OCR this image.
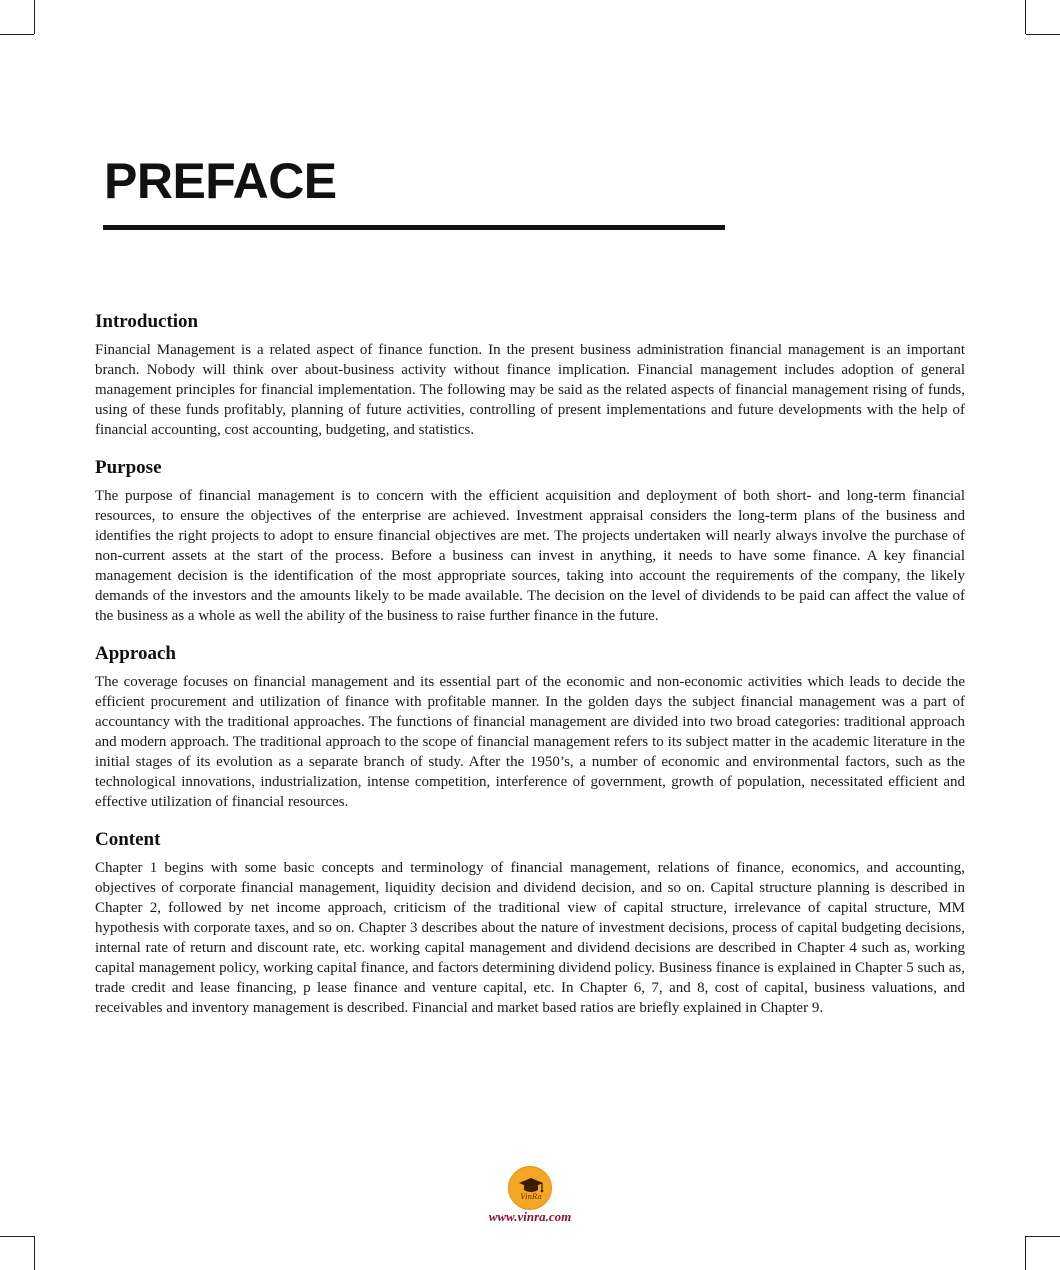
PREFACE
Introduction

Financial Management is a related aspect of finance function. In the present business administration financial management is an important branch. Nobody will think over about-business activity without finance implication. Financial management includes adoption of general management principles for financial implementation. The following may be said as the related aspects of financial management rising of funds, using of these funds profitably, planning of future activities, controlling of present implementations and future developments with the help of financial accounting, cost accounting, budgeting, and statistics.

Purpose

The purpose of financial management is to concern with the efficient acquisition and deployment of both short- and long-term financial resources, to ensure the objectives of the enterprise are achieved. Investment appraisal considers the long-term plans of the business and identifies the right projects to adopt to ensure financial objectives are met. The projects undertaken will nearly always involve the purchase of non-current assets at the start of the process. Before a business can invest in anything, it needs to have some finance. A key financial management decision is the identification of the most appropriate sources, taking into account the requirements of the company, the likely demands of the investors and the amounts likely to be made available. The decision on the level of dividends to be paid can affect the value of the business as a whole as well the ability of the business to raise further finance in the future.

Approach

The coverage focuses on financial management and its essential part of the economic and non-economic activities which leads to decide the efficient procurement and utilization of finance with profitable manner. In the golden days the subject financial management was a part of accountancy with the traditional approaches. The functions of financial management are divided into two broad categories: traditional approach and modern approach. The traditional approach to the scope of financial management refers to its subject matter in the academic literature in the initial stages of its evolution as a separate branch of study. After the 1950’s, a number of economic and environmental factors, such as the technological innovations, industrialization, intense competition, interference of government, growth of population, necessitated efficient and effective utilization of financial resources.

Content

Chapter 1 begins with some basic concepts and terminology of financial management, relations of finance, economics, and accounting, objectives of corporate financial management, liquidity decision and dividend decision, and so on. Capital structure planning is described in Chapter 2, followed by net income approach, criticism of the traditional view of capital structure, irrelevance of capital structure, MM hypothesis with corporate taxes, and so on. Chapter 3 describes about the nature of investment decisions, process of capital budgeting decisions, internal rate of return and discount rate, etc. working capital management and dividend decisions are described in Chapter 4 such as, working capital management policy, working capital finance, and factors determining dividend policy. Business finance is explained in Chapter 5 such as, trade credit and lease financing, p lease finance and venture capital, etc. In Chapter 6, 7, and 8, cost of capital, business valuations, and receivables and inventory management is described. Financial and market based ratios are briefly explained in Chapter 9.

VinRa
www.vinra.com
